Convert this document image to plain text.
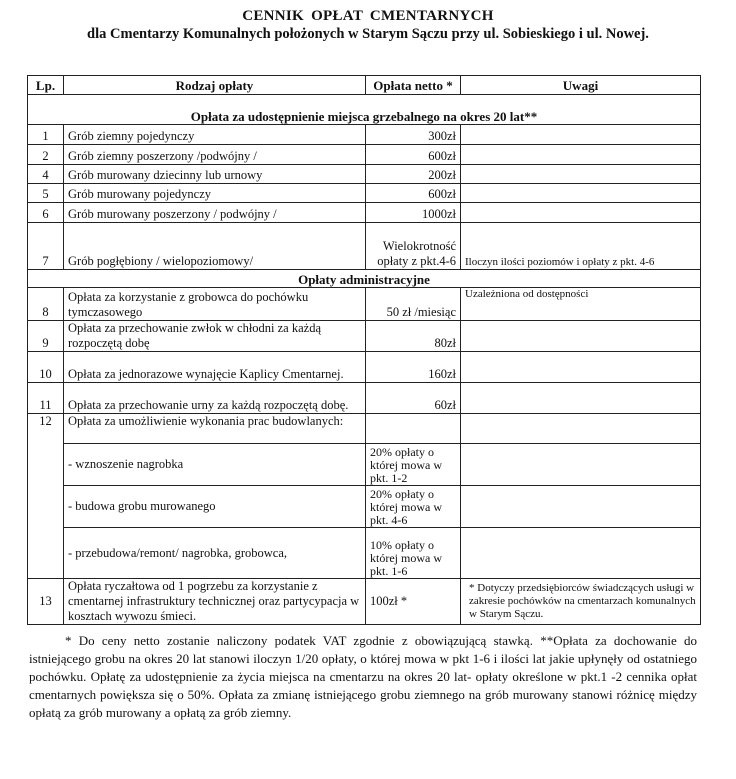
CENNIK OPŁAT CMENTARNYCH
dla Cmentarzy Komunalnych położonych w Starym Sączu przy ul. Sobieskiego i ul. Nowej.
Lp.	Rodzaj opłaty	Opłata netto *	Uwagi
Opłata za udostępnienie miejsca grzebalnego na okres 20 lat**			
1	Grób ziemny pojedynczy	300zł	
2	Grób ziemny poszerzony /podwójny /	600zł	
4	Grób murowany dziecinny lub urnowy	200zł	
5	Grób murowany pojedynczy	600zł	
6	Grób murowany poszerzony / podwójny /	1000zł	
7	Grób pogłębiony / wielopoziomowy/	Wielokrotność opłaty z pkt.4-6	Iloczyn ilości poziomów i opłaty z pkt. 4-6
Opłaty administracyjne			
8	Opłata za korzystanie z grobowca do pochówku tymczasowego	50 zł /miesiąc	Uzależniona od dostępności
9	Opłata za przechowanie zwłok w chłodni za każdą rozpoczętą dobę	80zł	
10	Opłata za jednorazowe wynajęcie Kaplicy Cmentarnej.	160zł	
11	Opłata za przechowanie urny za każdą rozpoczętą dobę.	60zł	
12	Opłata za umożliwienie wykonania prac budowlanych:		
	- wznoszenie nagrobka	20% opłaty o której mowa w pkt. 1-2	
	- budowa grobu murowanego	20% opłaty o której mowa w pkt. 4-6	
	- przebudowa/remont/ nagrobka, grobowca,	10% opłaty o której mowa w pkt. 1-6	
13	Opłata ryczałtowa od 1 pogrzebu za korzystanie z cmentarnej infrastruktury technicznej oraz partycypacja w kosztach wywozu śmieci.	100zł *	* Dotyczy przedsiębiorców świadczących usługi w zakresie pochówków na cmentarzach komunalnych w Starym Sączu.
* Do ceny netto zostanie naliczony podatek VAT zgodnie z obowiązującą stawką. **Opłata za dochowanie do istniejącego grobu na okres 20 lat stanowi iloczyn 1/20 opłaty, o której mowa w pkt 1-6 i ilości lat jakie upłynęły od ostatniego pochówku. Opłatę za udostępnienie za życia miejsca na cmentarzu na okres 20 lat- opłaty określone w pkt.1 -2 cennika opłat cmentarnych powiększa się o 50%. Opłata za zmianę istniejącego grobu ziemnego na grób murowany stanowi różnicę między opłatą za grób murowany a opłatą za grób ziemny.
